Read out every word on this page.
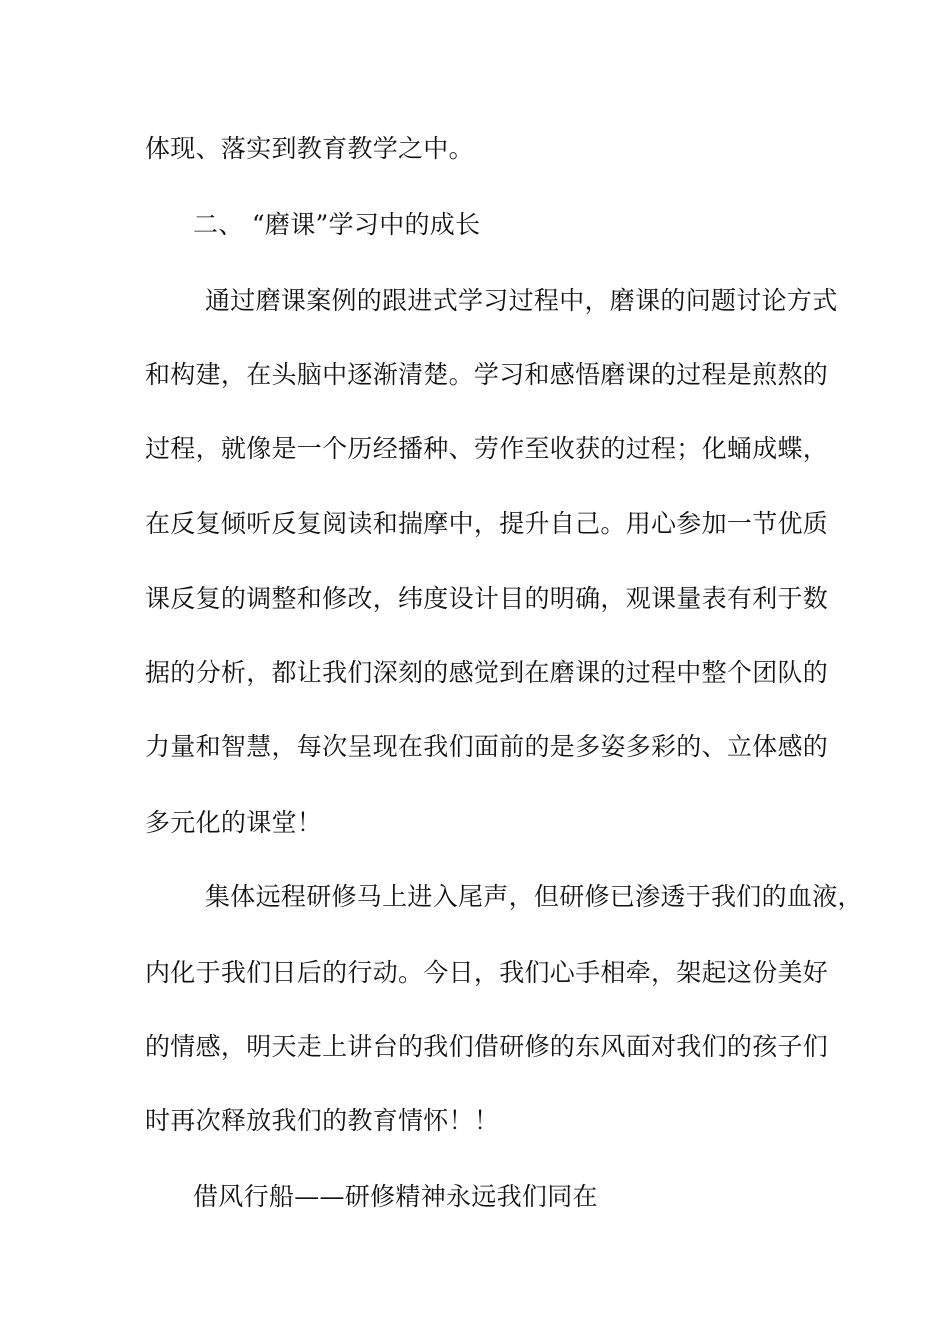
体现、落实到教育教学之中。
二、 “磨课”学习中的成长
通过磨课案例的跟进式学习过程中，磨课的问题讨论方式
和构建，在头脑中逐渐清楚。学习和感悟磨课的过程是煎熬的
过程，就像是一个历经播种、劳作至收获的过程；化蛹成蝶，
在反复倾听反复阅读和揣摩中，提升自己。用心参加一节优质
课反复的调整和修改，纬度设计目的明确，观课量表有利于数
据的分析，都让我们深刻的感觉到在磨课的过程中整个团队的
力量和智慧，每次呈现在我们面前的是多姿多彩的、立体感的
多元化的课堂！
集体远程研修马上进入尾声，但研修已渗透于我们的血液，
内化于我们日后的行动。今日，我们心手相牵，架起这份美好
的情感，明天走上讲台的我们借研修的东风面对我们的孩子们
时再次释放我们的教育情怀！！
借风行船——研修精神永远我们同在
